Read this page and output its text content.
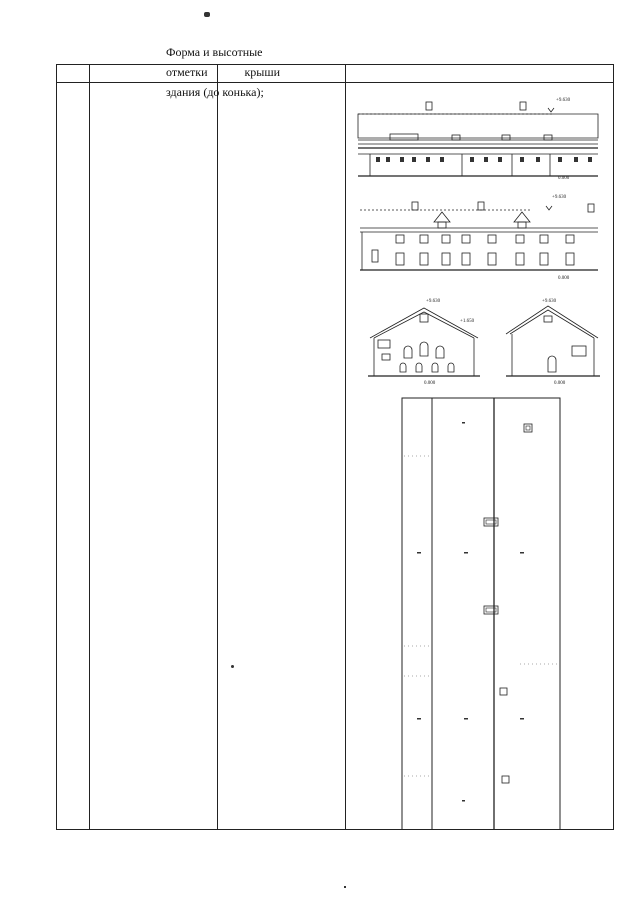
Форма и высотные
отметки крыши
здания (до конька);
+9.630
0.000
+9.630
0.000
+9.630
+1.650
0.000
+9.630
0.000
